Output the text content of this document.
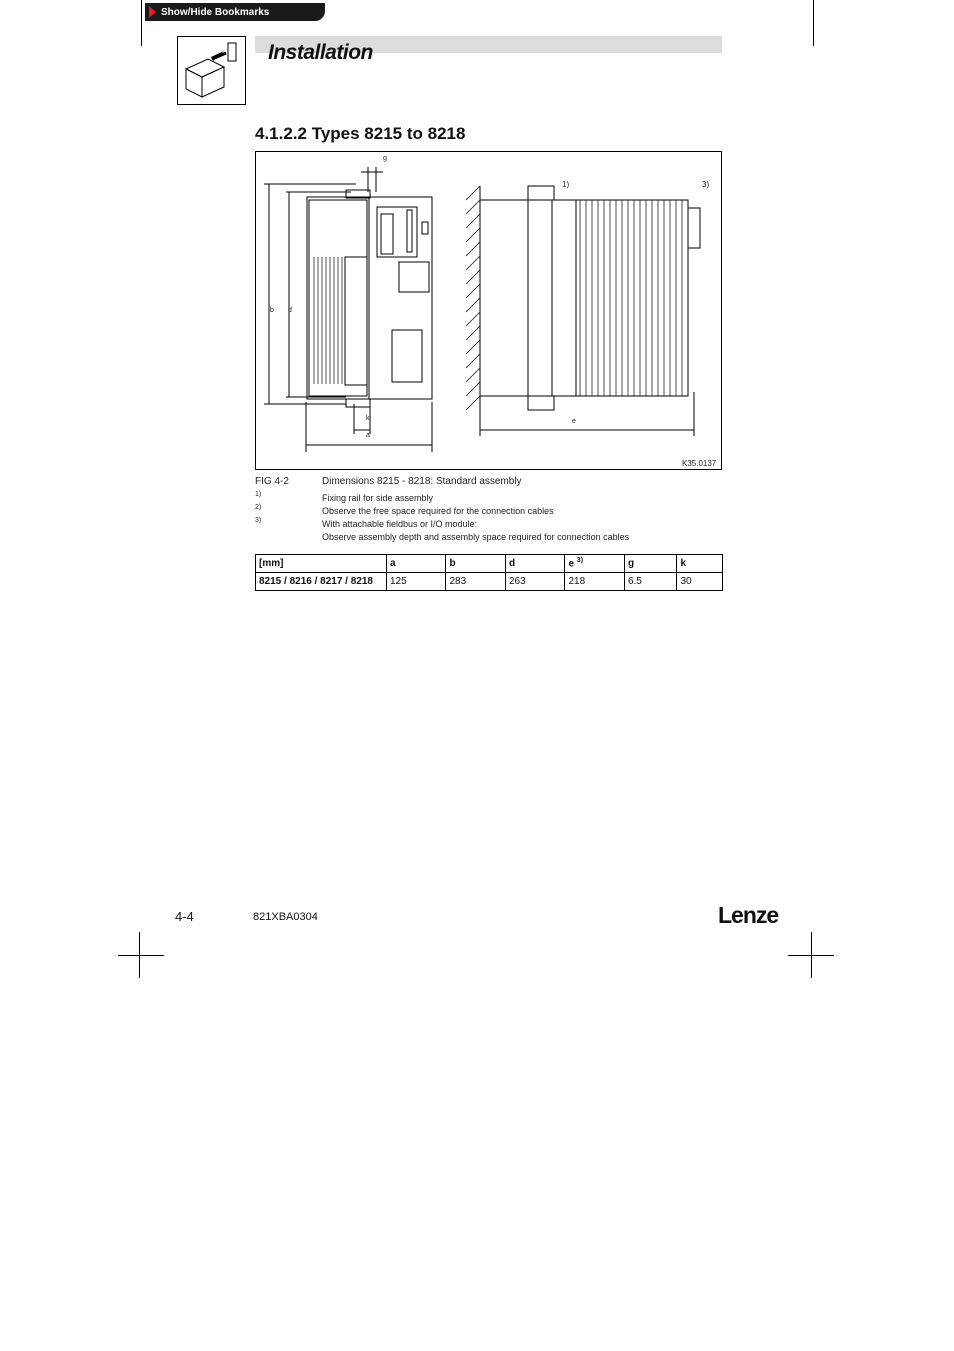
Show/Hide Bookmarks
Installation
4.1.2.2 Types 8215 to 8218
g
b d
k
a
e
1)	3)
K35.0137
FIG 4-2	Dimensions 8215 - 8218: Standard assembly
1)	Fixing rail for side assembly
2)	Observe the free space required for the connection cables
3)	With attachable fieldbus or I/O module:
Observe assembly depth and assembly space required for connection cables
[mm]	a	b	d	e $^{3)}$	g	k
8215 / 8216 / 8217 / 8218	125	283	263	218	6.5	30
4-4	821XBA0304	Lenze
